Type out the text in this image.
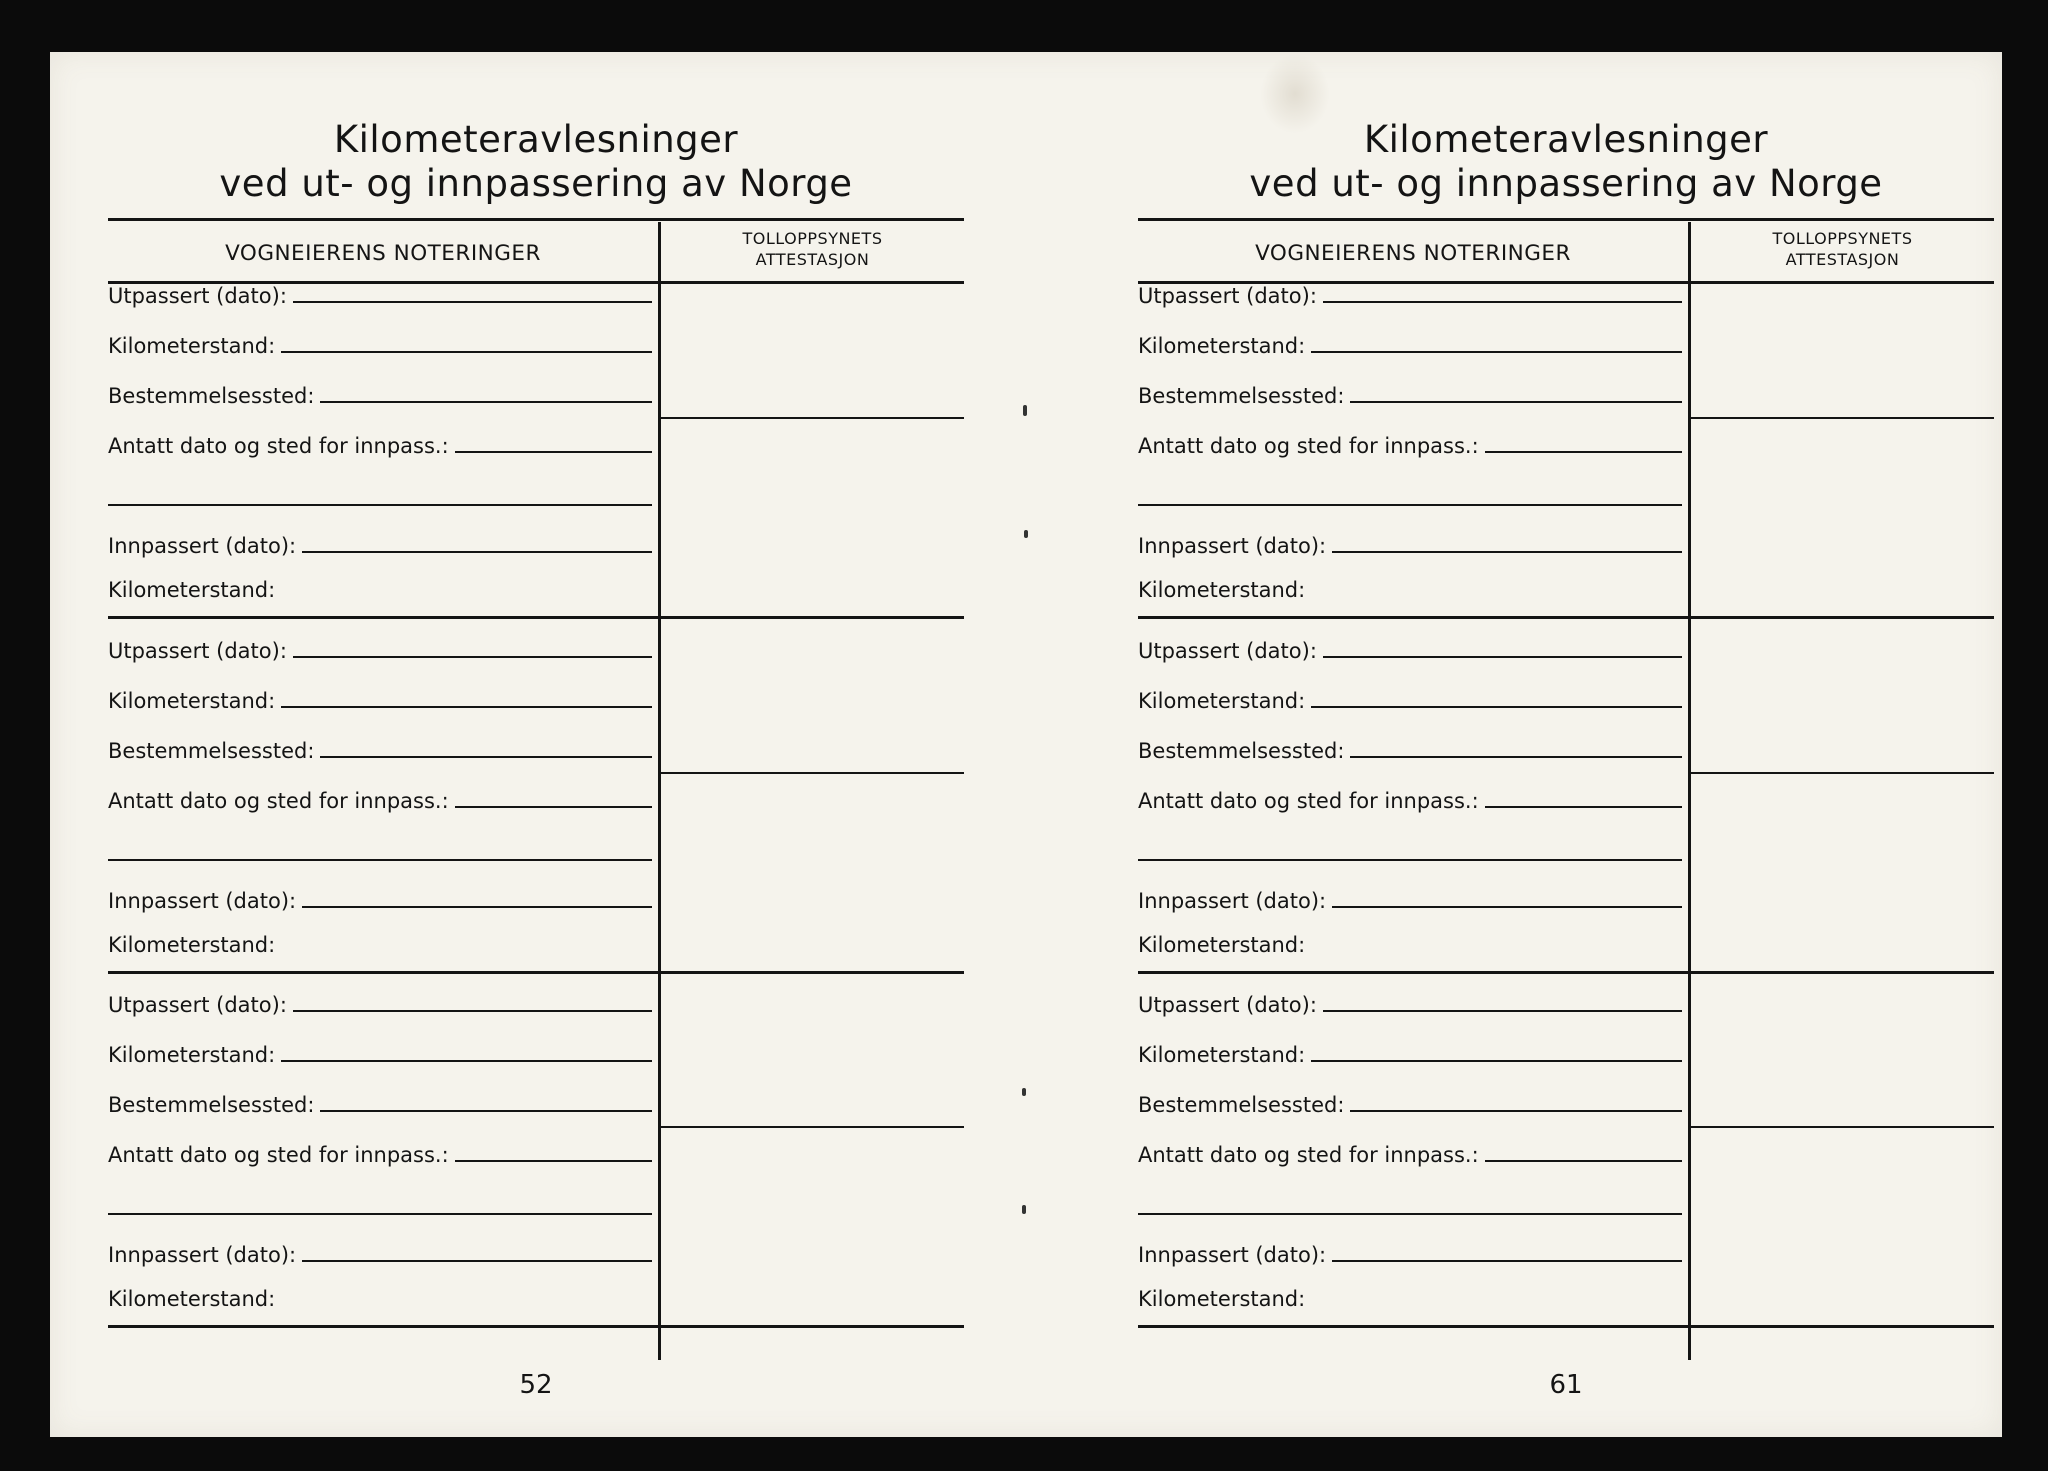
Kilometeravlesninger
ved ut- og innpassering av Norge
VOGNEIERENS NOTERINGER
TOLLOPPSYNETS
ATTESTASJON
Utpassert (dato):
Kilometerstand:
Bestemmelsessted:
Antatt dato og sted for innpass.:
Innpassert (dato):
Kilometerstand:
Utpassert (dato):
Kilometerstand:
Bestemmelsessted:
Antatt dato og sted for innpass.:
Innpassert (dato):
Kilometerstand:
Utpassert (dato):
Kilometerstand:
Bestemmelsessted:
Antatt dato og sted for innpass.:
Innpassert (dato):
Kilometerstand:
52
Kilometeravlesninger
ved ut- og innpassering av Norge
VOGNEIERENS NOTERINGER
TOLLOPPSYNETS
ATTESTASJON
Utpassert (dato):
Kilometerstand:
Bestemmelsessted:
Antatt dato og sted for innpass.:
Innpassert (dato):
Kilometerstand:
Utpassert (dato):
Kilometerstand:
Bestemmelsessted:
Antatt dato og sted for innpass.:
Innpassert (dato):
Kilometerstand:
Utpassert (dato):
Kilometerstand:
Bestemmelsessted:
Antatt dato og sted for innpass.:
Innpassert (dato):
Kilometerstand:
61
